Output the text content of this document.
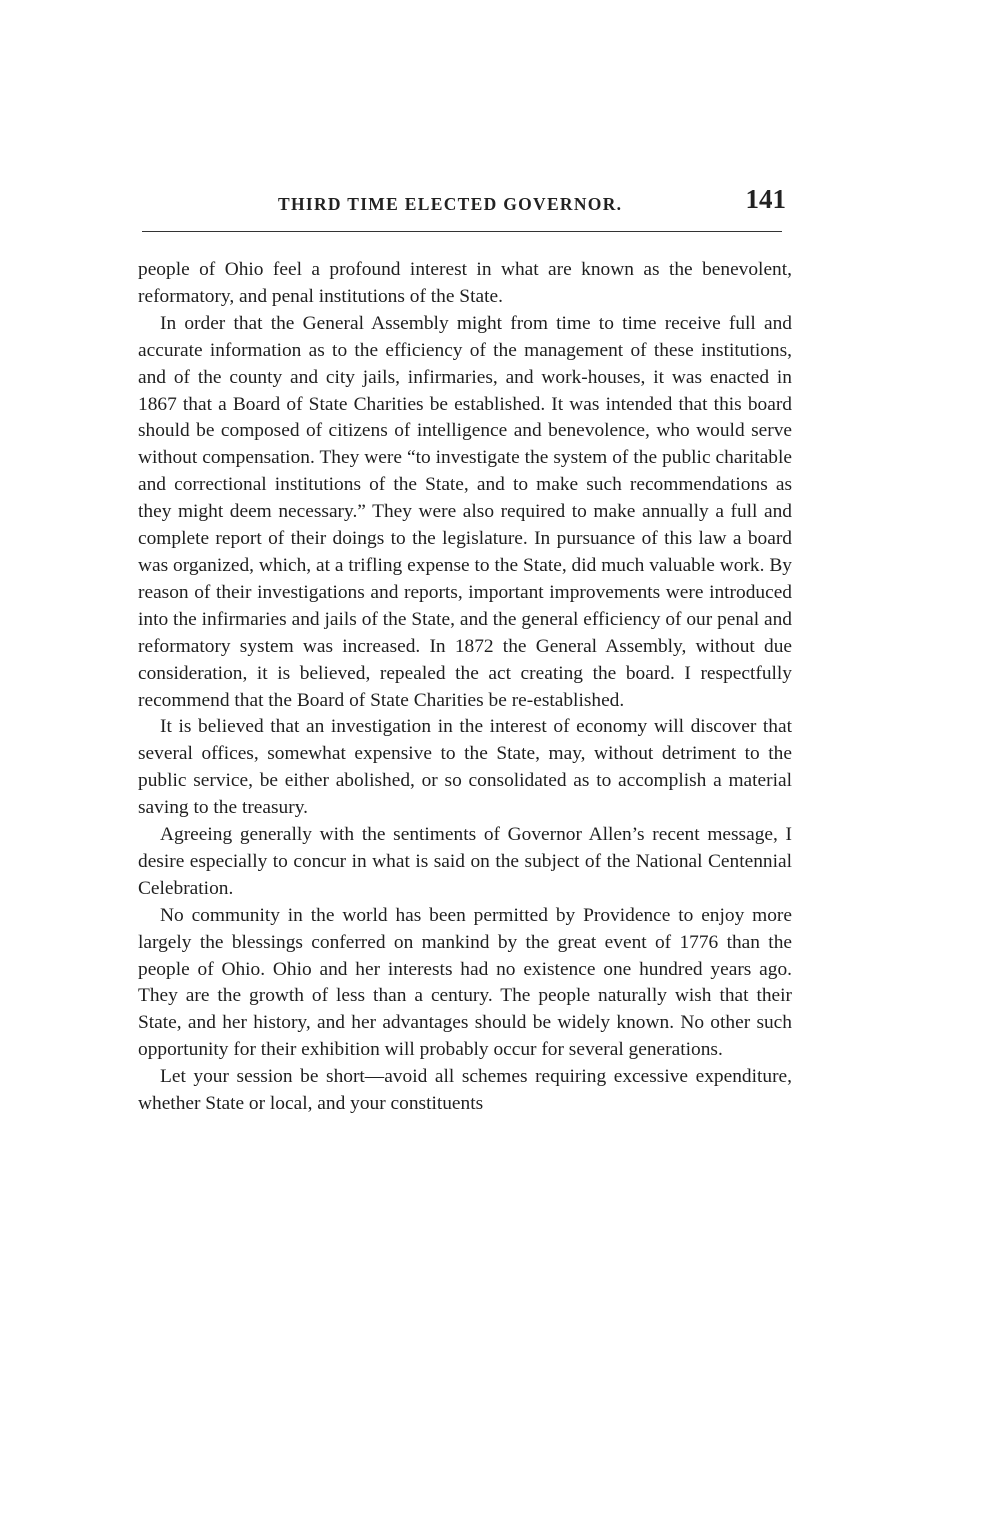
THIRD TIME ELECTED GOVERNOR.	141

people of Ohio feel a profound interest in what are known as the benevolent, reformatory, and penal institutions of the State.

In order that the General Assembly might from time to time receive full and accurate information as to the efficiency of the management of these institutions, and of the county and city jails, infirmaries, and work-houses, it was enacted in 1867 that a Board of State Charities be established. It was intended that this board should be composed of citizens of intelligence and benevolence, who would serve without compensation. They were “to investigate the system of the public charitable and correctional institutions of the State, and to make such recommendations as they might deem necessary.” They were also required to make annually a full and complete report of their doings to the legislature. In pursuance of this law a board was organized, which, at a trifling expense to the State, did much valuable work. By reason of their investigations and reports, important improvements were introduced into the infirmaries and jails of the State, and the general efficiency of our penal and reformatory system was increased. In 1872 the General Assembly, without due consideration, it is believed, repealed the act creating the board. I respectfully recommend that the Board of State Charities be re-established.

It is believed that an investigation in the interest of economy will discover that several offices, somewhat expensive to the State, may, without detriment to the public service, be either abolished, or so consolidated as to accomplish a material saving to the treasury.

Agreeing generally with the sentiments of Governor Allen’s recent message, I desire especially to concur in what is said on the subject of the National Centennial Celebration.

No community in the world has been permitted by Providence to enjoy more largely the blessings conferred on mankind by the great event of 1776 than the people of Ohio. Ohio and her interests had no existence one hundred years ago. They are the growth of less than a century. The people naturally wish that their State, and her history, and her advantages should be widely known. No other such opportunity for their exhibition will probably occur for several generations.

Let your session be short—avoid all schemes requiring excessive expenditure, whether State or local, and your constituents
